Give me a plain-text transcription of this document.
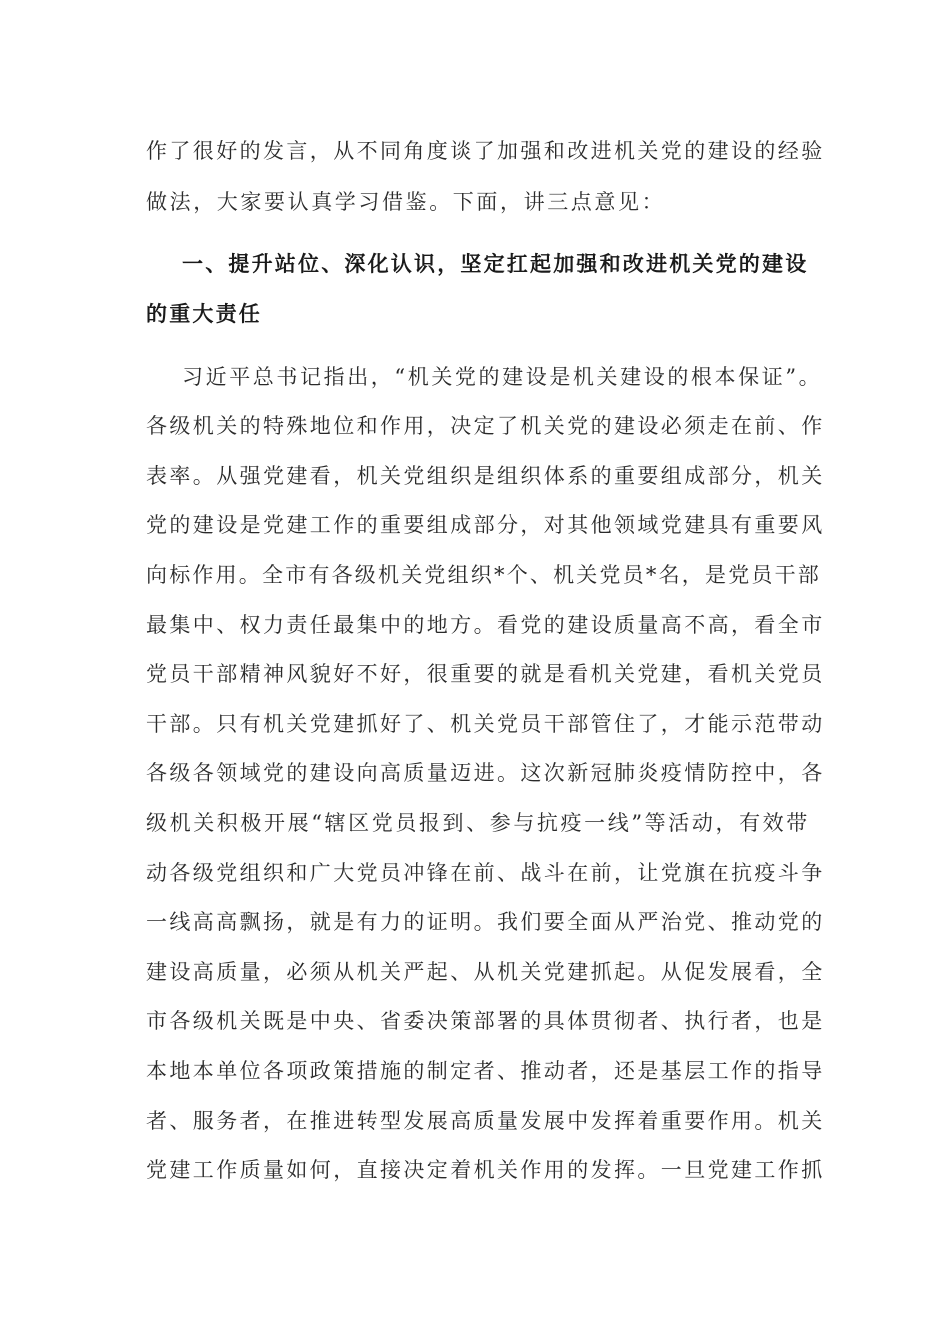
作了很好的发言，从不同角度谈了加强和改进机关党的建设的经验
做法，大家要认真学习借鉴。下面，讲三点意见：
一、提升站位、深化认识，坚定扛起加强和改进机关党的建设
的重大责任
习近平总书记指出，“机关党的建设是机关建设的根本保证”。
各级机关的特殊地位和作用，决定了机关党的建设必须走在前、作
表率。从强党建看，机关党组织是组织体系的重要组成部分，机关
党的建设是党建工作的重要组成部分，对其他领域党建具有重要风
向标作用。全市有各级机关党组织*个、机关党员*名，是党员干部
最集中、权力责任最集中的地方。看党的建设质量高不高，看全市
党员干部精神风貌好不好，很重要的就是看机关党建，看机关党员
干部。只有机关党建抓好了、机关党员干部管住了，才能示范带动
各级各领域党的建设向高质量迈进。这次新冠肺炎疫情防控中，各
级机关积极开展“辖区党员报到、参与抗疫一线”等活动，有效带
动各级党组织和广大党员冲锋在前、战斗在前，让党旗在抗疫斗争
一线高高飘扬，就是有力的证明。我们要全面从严治党、推动党的
建设高质量，必须从机关严起、从机关党建抓起。从促发展看，全
市各级机关既是中央、省委决策部署的具体贯彻者、执行者，也是
本地本单位各项政策措施的制定者、推动者，还是基层工作的指导
者、服务者，在推进转型发展高质量发展中发挥着重要作用。机关
党建工作质量如何，直接决定着机关作用的发挥。一旦党建工作抓
